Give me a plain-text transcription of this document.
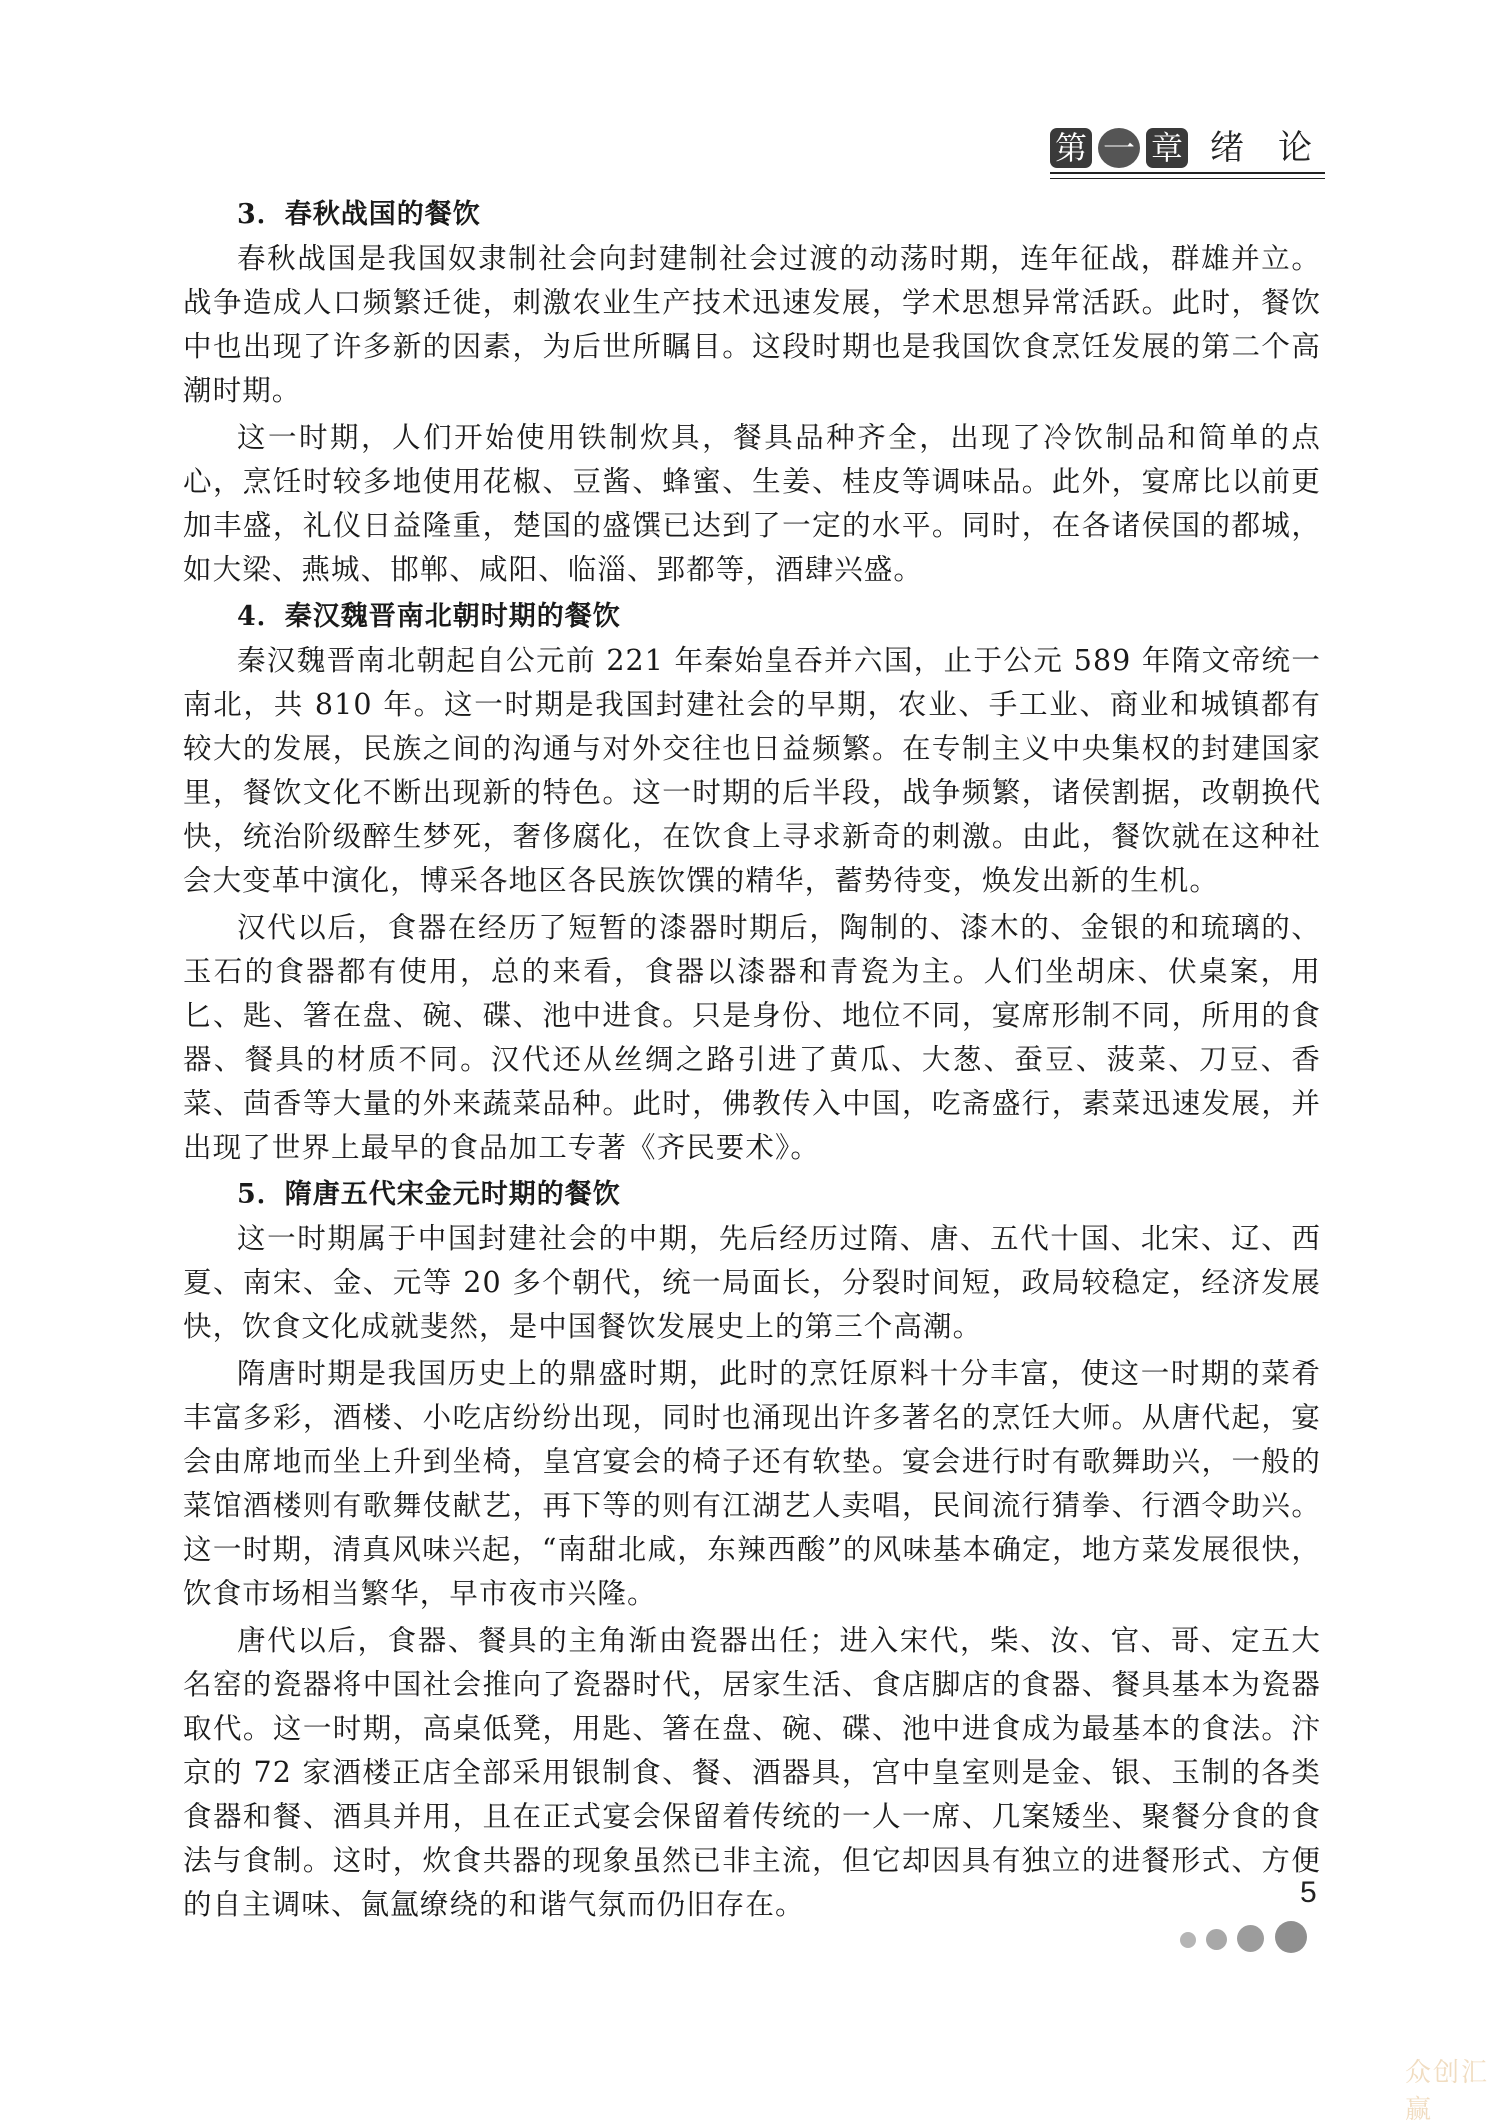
第 一 章 绪 论
3．春秋战国的餐饮

春秋战国是我国奴隶制社会向封建制社会过渡的动荡时期，连年征战，群雄并立。战争造成人口频繁迁徙，刺激农业生产技术迅速发展，学术思想异常活跃。此时，餐饮中也出现了许多新的因素，为后世所瞩目。这段时期也是我国饮食烹饪发展的第二个高潮时期。

这一时期，人们开始使用铁制炊具，餐具品种齐全，出现了冷饮制品和简单的点心，烹饪时较多地使用花椒、豆酱、蜂蜜、生姜、桂皮等调味品。此外，宴席比以前更加丰盛，礼仪日益隆重，楚国的盛馔已达到了一定的水平。同时，在各诸侯国的都城，如大梁、燕城、邯郸、咸阳、临淄、郢都等，酒肆兴盛。

4．秦汉魏晋南北朝时期的餐饮

秦汉魏晋南北朝起自公元前 221 年秦始皇吞并六国，止于公元 589 年隋文帝统一南北，共 810 年。这一时期是我国封建社会的早期，农业、手工业、商业和城镇都有较大的发展，民族之间的沟通与对外交往也日益频繁。在专制主义中央集权的封建国家里，餐饮文化不断出现新的特色。这一时期的后半段，战争频繁，诸侯割据，改朝换代快，统治阶级醉生梦死，奢侈腐化，在饮食上寻求新奇的刺激。由此，餐饮就在这种社会大变革中演化，博采各地区各民族饮馔的精华，蓄势待变，焕发出新的生机。

汉代以后，食器在经历了短暂的漆器时期后，陶制的、漆木的、金银的和琉璃的、玉石的食器都有使用，总的来看，食器以漆器和青瓷为主。人们坐胡床、伏桌案，用匕、匙、箸在盘、碗、碟、池中进食。只是身份、地位不同，宴席形制不同，所用的食器、餐具的材质不同。汉代还从丝绸之路引进了黄瓜、大葱、蚕豆、菠菜、刀豆、香菜、茴香等大量的外来蔬菜品种。此时，佛教传入中国，吃斋盛行，素菜迅速发展，并出现了世界上最早的食品加工专著《齐民要术》。

5．隋唐五代宋金元时期的餐饮

这一时期属于中国封建社会的中期，先后经历过隋、唐、五代十国、北宋、辽、西夏、南宋、金、元等 20 多个朝代，统一局面长，分裂时间短，政局较稳定，经济发展快，饮食文化成就斐然，是中国餐饮发展史上的第三个高潮。

隋唐时期是我国历史上的鼎盛时期，此时的烹饪原料十分丰富，使这一时期的菜肴丰富多彩，酒楼、小吃店纷纷出现，同时也涌现出许多著名的烹饪大师。从唐代起，宴会由席地而坐上升到坐椅，皇宫宴会的椅子还有软垫。宴会进行时有歌舞助兴，一般的菜馆酒楼则有歌舞伎献艺，再下等的则有江湖艺人卖唱，民间流行猜拳、行酒令助兴。这一时期，清真风味兴起，“南甜北咸，东辣西酸”的风味基本确定，地方菜发展很快，饮食市场相当繁华，早市夜市兴隆。

唐代以后，食器、餐具的主角渐由瓷器出任；进入宋代，柴、汝、官、哥、定五大名窑的瓷器将中国社会推向了瓷器时代，居家生活、食店脚店的食器、餐具基本为瓷器取代。这一时期，高桌低凳，用匙、箸在盘、碗、碟、池中进食成为最基本的食法。汴京的 72 家酒楼正店全部采用银制食、餐、酒器具，宫中皇室则是金、银、玉制的各类食器和餐、酒具并用，且在正式宴会保留着传统的一人一席、几案矮坐、聚餐分食的食法与食制。这时，炊食共器的现象虽然已非主流，但它却因具有独立的进餐形式、方便的自主调味、氤氲缭绕的和谐气氛而仍旧存在。	5
众创汇赢
